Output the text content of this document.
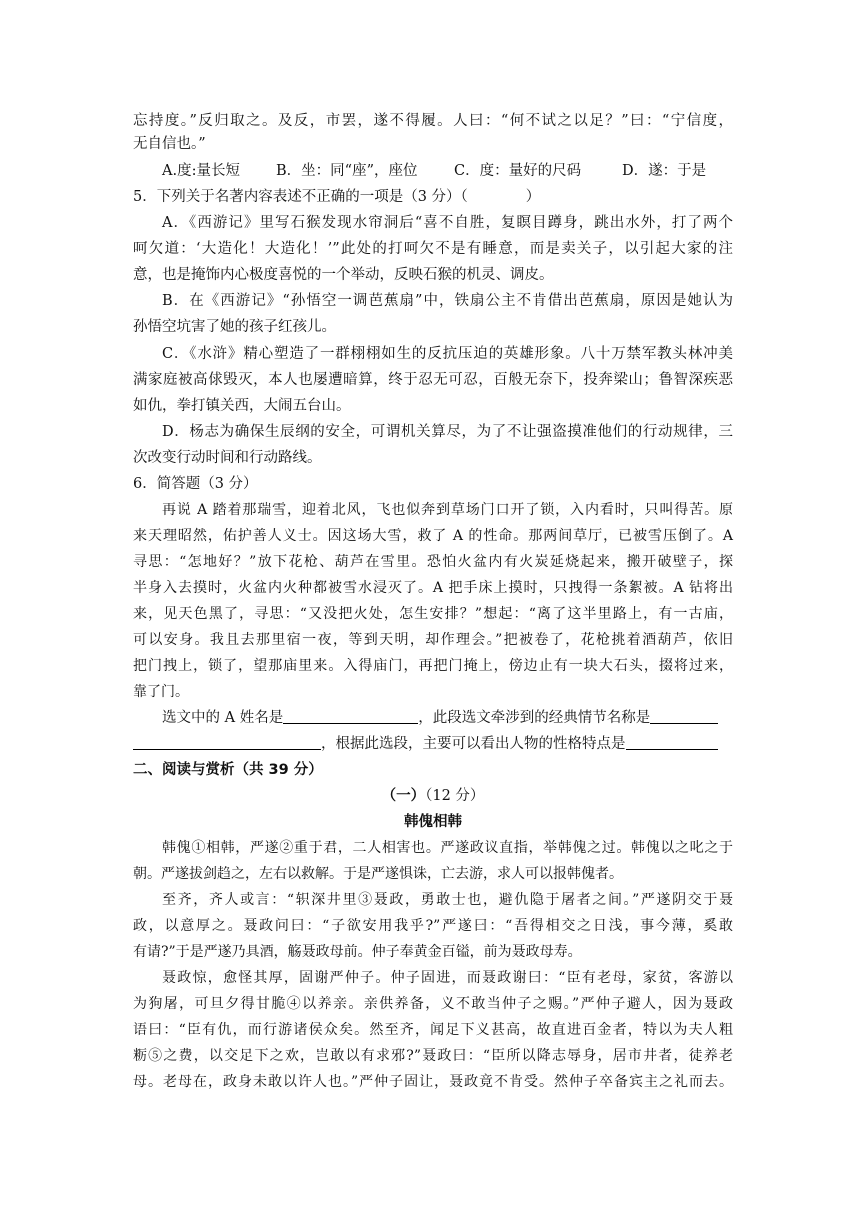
忘持度。”反归取之。及反，市罢，遂不得履。人曰：“何不试之以足？”曰：“宁信度，
无自信也。”
A.度:量长短 B．坐：同“座”，座位	C．度：量好的尺码	D．遂：于是
5．下列关于名著内容表述不正确的一项是（3 分）（　　　　）
A．《西游记》里写石猴发现水帘洞后“喜不自胜，复瞑目蹲身，跳出水外，打了两个
呵欠道：‘大造化！大造化！’”此处的打呵欠不是有睡意，而是卖关子，以引起大家的注
意，也是掩饰内心极度喜悦的一个举动，反映石猴的机灵、调皮。
B．在《西游记》“孙悟空一调芭蕉扇”中，铁扇公主不肯借出芭蕉扇，原因是她认为
孙悟空坑害了她的孩子红孩儿。
C．《水浒》精心塑造了一群栩栩如生的反抗压迫的英雄形象。八十万禁军教头林冲美
满家庭被高俅毁灭，本人也屡遭暗算，终于忍无可忍，百般无奈下，投奔梁山；鲁智深疾恶
如仇，拳打镇关西，大闹五台山。
D．杨志为确保生辰纲的安全，可谓机关算尽，为了不让强盗摸准他们的行动规律，三
次改变行动时间和行动路线。
6．简答题（3 分）
再说 A 踏着那瑞雪，迎着北风，飞也似奔到草场门口开了锁，入内看时，只叫得苦。原
来天理昭然，佑护善人义士。因这场大雪，救了 A 的性命。那两间草厅，已被雪压倒了。A
寻思：“怎地好？”放下花枪、葫芦在雪里。恐怕火盆内有火炭延烧起来，搬开破壁子，探
半身入去摸时，火盆内火种都被雪水浸灭了。A 把手床上摸时，只拽得一条絮被。A 钻将出
来，见天色黑了，寻思：“又没把火处，怎生安排？”想起：“离了这半里路上，有一古庙，
可以安身。我且去那里宿一夜，等到天明，却作理会。”把被卷了，花枪挑着酒葫芦，依旧
把门拽上，锁了，望那庙里来。入得庙门，再把门掩上，傍边止有一块大石头，掇将过来，
靠了门。
选文中的 A 姓名是	，此段选文牵涉到的经典情节名称是
，根据此选段，主要可以看出人物的性格特点是
二、阅读与赏析（共 39 分）
（一）（12 分）
韩傀相韩
韩傀①相韩，严遂②重于君，二人相害也。严遂政议直指，举韩傀之过。韩傀以之叱之于
朝。严遂拔剑趋之，左右以救解。于是严遂惧诛，亡去游，求人可以报韩傀者。
至齐，齐人或言：“轵深井里③聂政，勇敢士也，避仇隐于屠者之间。”严遂阴交于聂
政，以意厚之。聂政问曰：“子欲安用我乎?”严遂曰：“吾得相交之日浅，事今薄，奚敢
有请?”于是严遂乃具酒，觞聂政母前。仲子奉黄金百镒，前为聂政母寿。
聂政惊，愈怪其厚，固谢严仲子。仲子固进，而聂政谢曰：“臣有老母，家贫，客游以
为狗屠，可旦夕得甘脆④以养亲。亲供养备，义不敢当仲子之赐。”严仲子避人，因为聂政
语曰：“臣有仇，而行游诸侯众矣。然至齐，闻足下义甚高，故直进百金者，特以为夫人粗
粝⑤之费，以交足下之欢，岂敢以有求邪?”聂政曰：“臣所以降志辱身，居市井者，徒养老
母。老母在，政身未敢以许人也。”严仲子固让，聂政竟不肯受。然仲子卒备宾主之礼而去。
